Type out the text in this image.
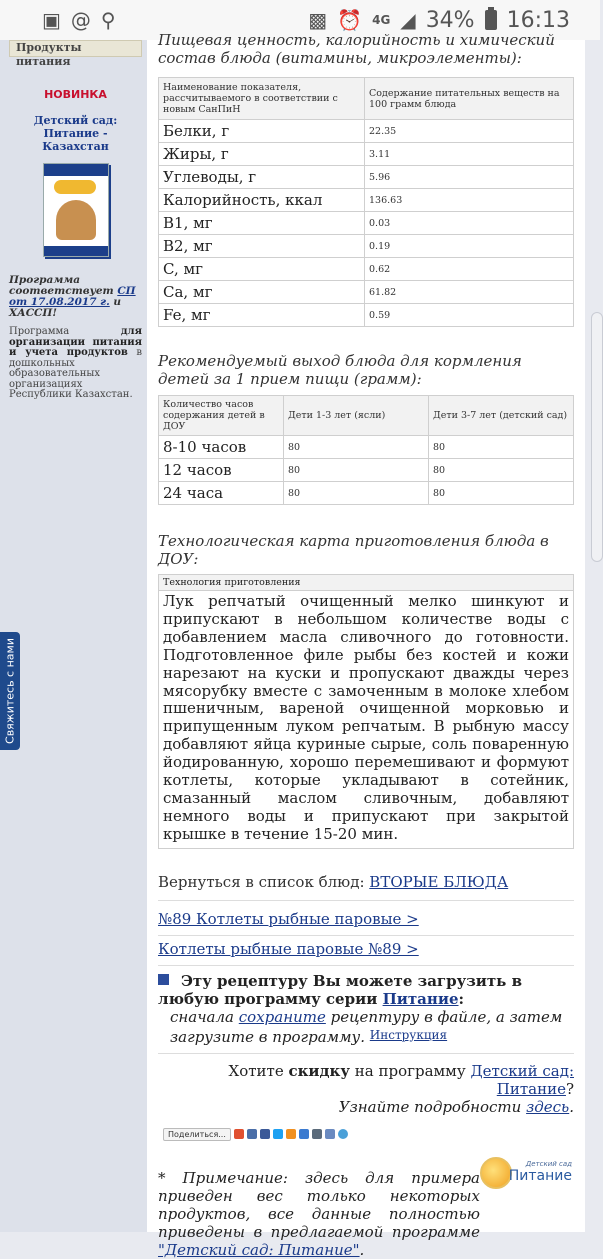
▣ @ ⚲	▩ ⏰ 4G ◢ 34% 16:13
Продукты питания
НОВИНКА
Детский сад: Питание - Казахстан
Программа соответствует СП от 17.08.2017 г. и ХАССП!
Программа для организации питания и учета продуктов в дошкольных образовательных организациях Республики Казахстан.
Свяжитесь с нами
Пищевая ценность, калорийность и химический состав блюда (витамины, микроэлементы):
Наименование показателя, рассчитываемого в соответствии с новым СанПиН	Содержание питательных веществ на 100 грамм блюда
Белки, г	22.35
Жиры, г	3.11
Углеводы, г	5.96
Калорийность, ккал	136.63
B1, мг	0.03
B2, мг	0.19
C, мг	0.62
Ca, мг	61.82
Fe, мг	0.59
Рекомендуемый выход блюда для кормления детей за 1 прием пищи (грамм):
Количество часов содержания детей в ДОУ	Дети 1-3 лет (ясли)	Дети 3-7 лет (детский сад)
8-10 часов	80	80
12 часов	80	80
24 часа	80	80
Технологическая карта приготовления блюда в ДОУ:
Технология приготовления
Лук репчатый очищенный мелко шинкуют и припускают в небольшом количестве воды с добавлением масла сливочного до готовности. Подготовленное филе рыбы без костей и кожи нарезают на куски и пропускают дважды через мясорубку вместе с замоченным в молоке хлебом пшеничным, вареной очищенной морковью и припущенным луком репчатым. В рыбную массу добавляют яйца куриные сырые, соль поваренную йодированную, хорошо перемешивают и формуют котлеты, которые укладывают в сотейник, смазанный маслом сливочным, добавляют немного воды и припускают при закрытой крышке в течение 15-20 мин.
Вернуться в список блюд: ВТОРЫЕ БЛЮДА
№89 Котлеты рыбные паровые >
Котлеты рыбные паровые №89 >
Эту рецептуру Вы можете загрузить в любую программу серии Питание:
сначала сохраните рецептуру в файле, а затем загрузите в программу. $^{Инструкция}$
Хотите скидку на программу Детский сад: Питание?
Узнайте подробности здесь.
Поделиться...
Детский сад
Питание
* Примечание: здесь для примера приведен вес только некоторых продуктов, все данные полностью приведены в предлагаемой программе "Детский сад: Питание".
